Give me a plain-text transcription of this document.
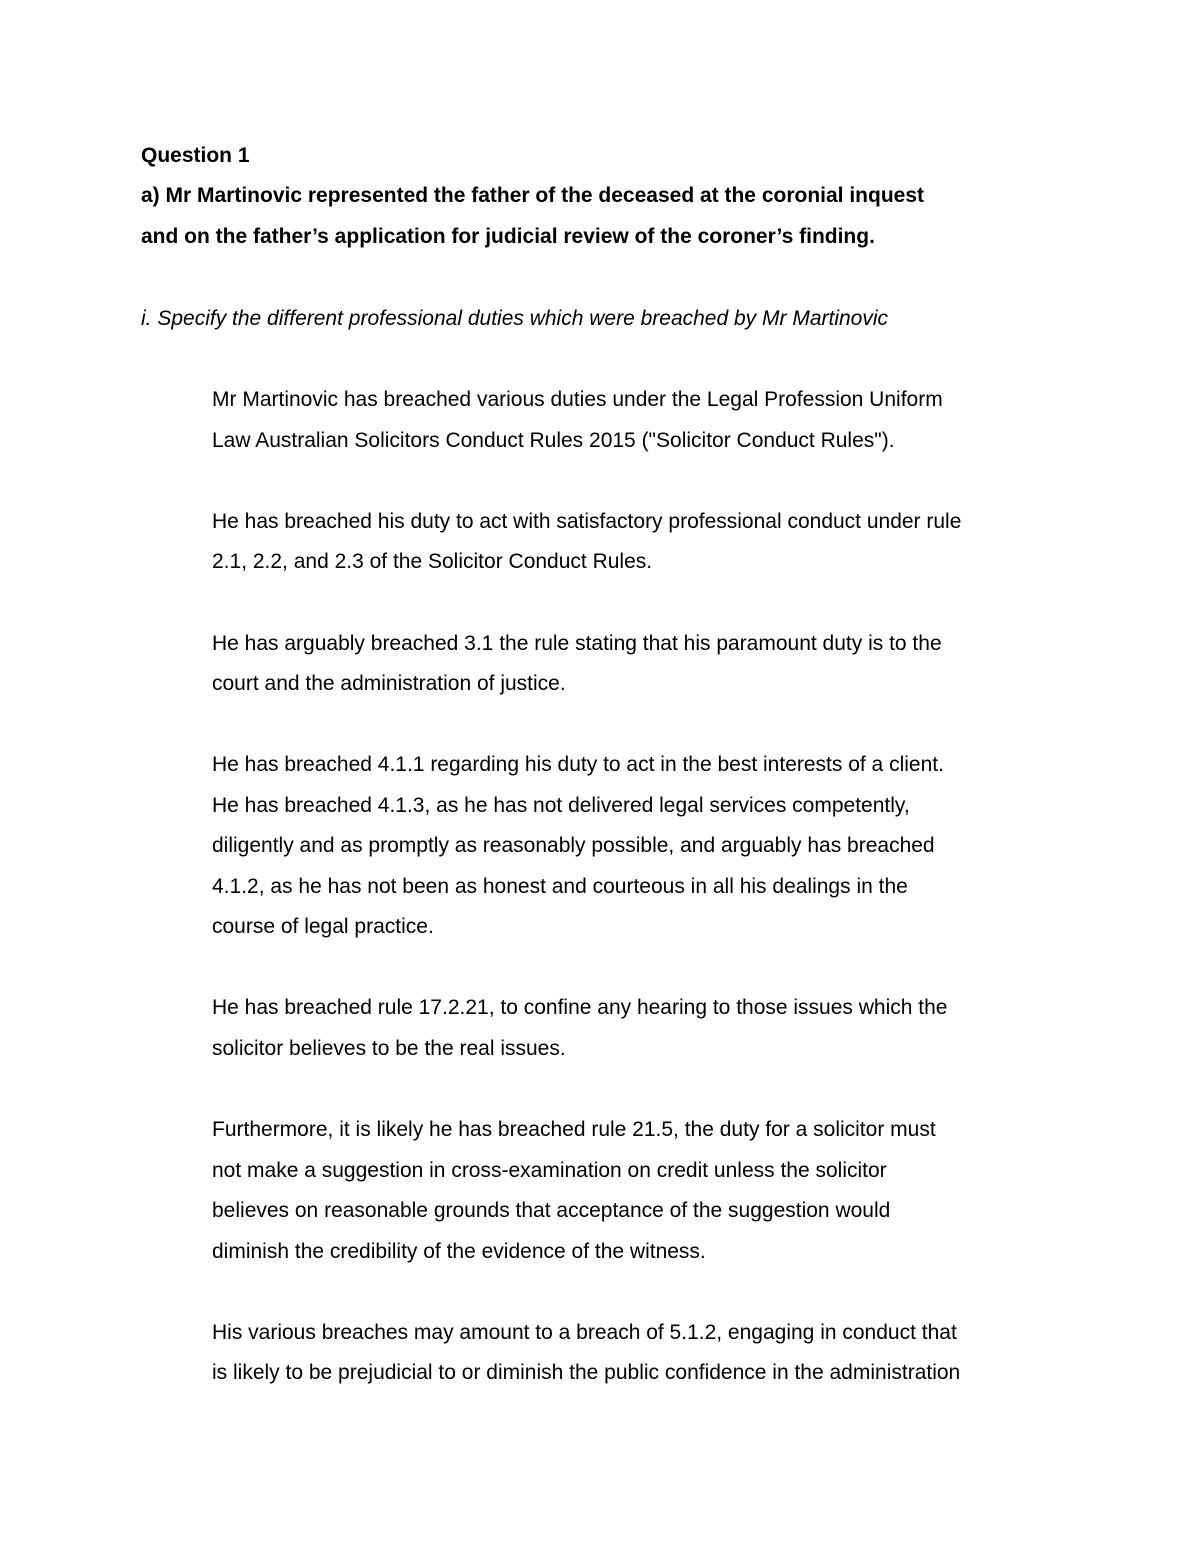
Question 1
a) Mr Martinovic represented the father of the deceased at the coronial inquest
and on the father’s application for judicial review of the coroner’s finding.
i. Specify the different professional duties which were breached by Mr Martinovic
Mr Martinovic has breached various duties under the Legal Profession Uniform
Law Australian Solicitors Conduct Rules 2015 ("Solicitor Conduct Rules").
He has breached his duty to act with satisfactory professional conduct under rule
2.1, 2.2, and 2.3 of the Solicitor Conduct Rules.
He has arguably breached 3.1 the rule stating that his paramount duty is to the
court and the administration of justice.
He has breached 4.1.1 regarding his duty to act in the best interests of a client.
He has breached 4.1.3, as he has not delivered legal services competently,
diligently and as promptly as reasonably possible, and arguably has breached
4.1.2, as he has not been as honest and courteous in all his dealings in the
course of legal practice.
He has breached rule 17.2.21, to confine any hearing to those issues which the
solicitor believes to be the real issues.
Furthermore, it is likely he has breached rule 21.5, the duty for a solicitor must
not make a suggestion in cross-examination on credit unless the solicitor
believes on reasonable grounds that acceptance of the suggestion would
diminish the credibility of the evidence of the witness.
His various breaches may amount to a breach of 5.1.2, engaging in conduct that
is likely to be prejudicial to or diminish the public confidence in the administration
